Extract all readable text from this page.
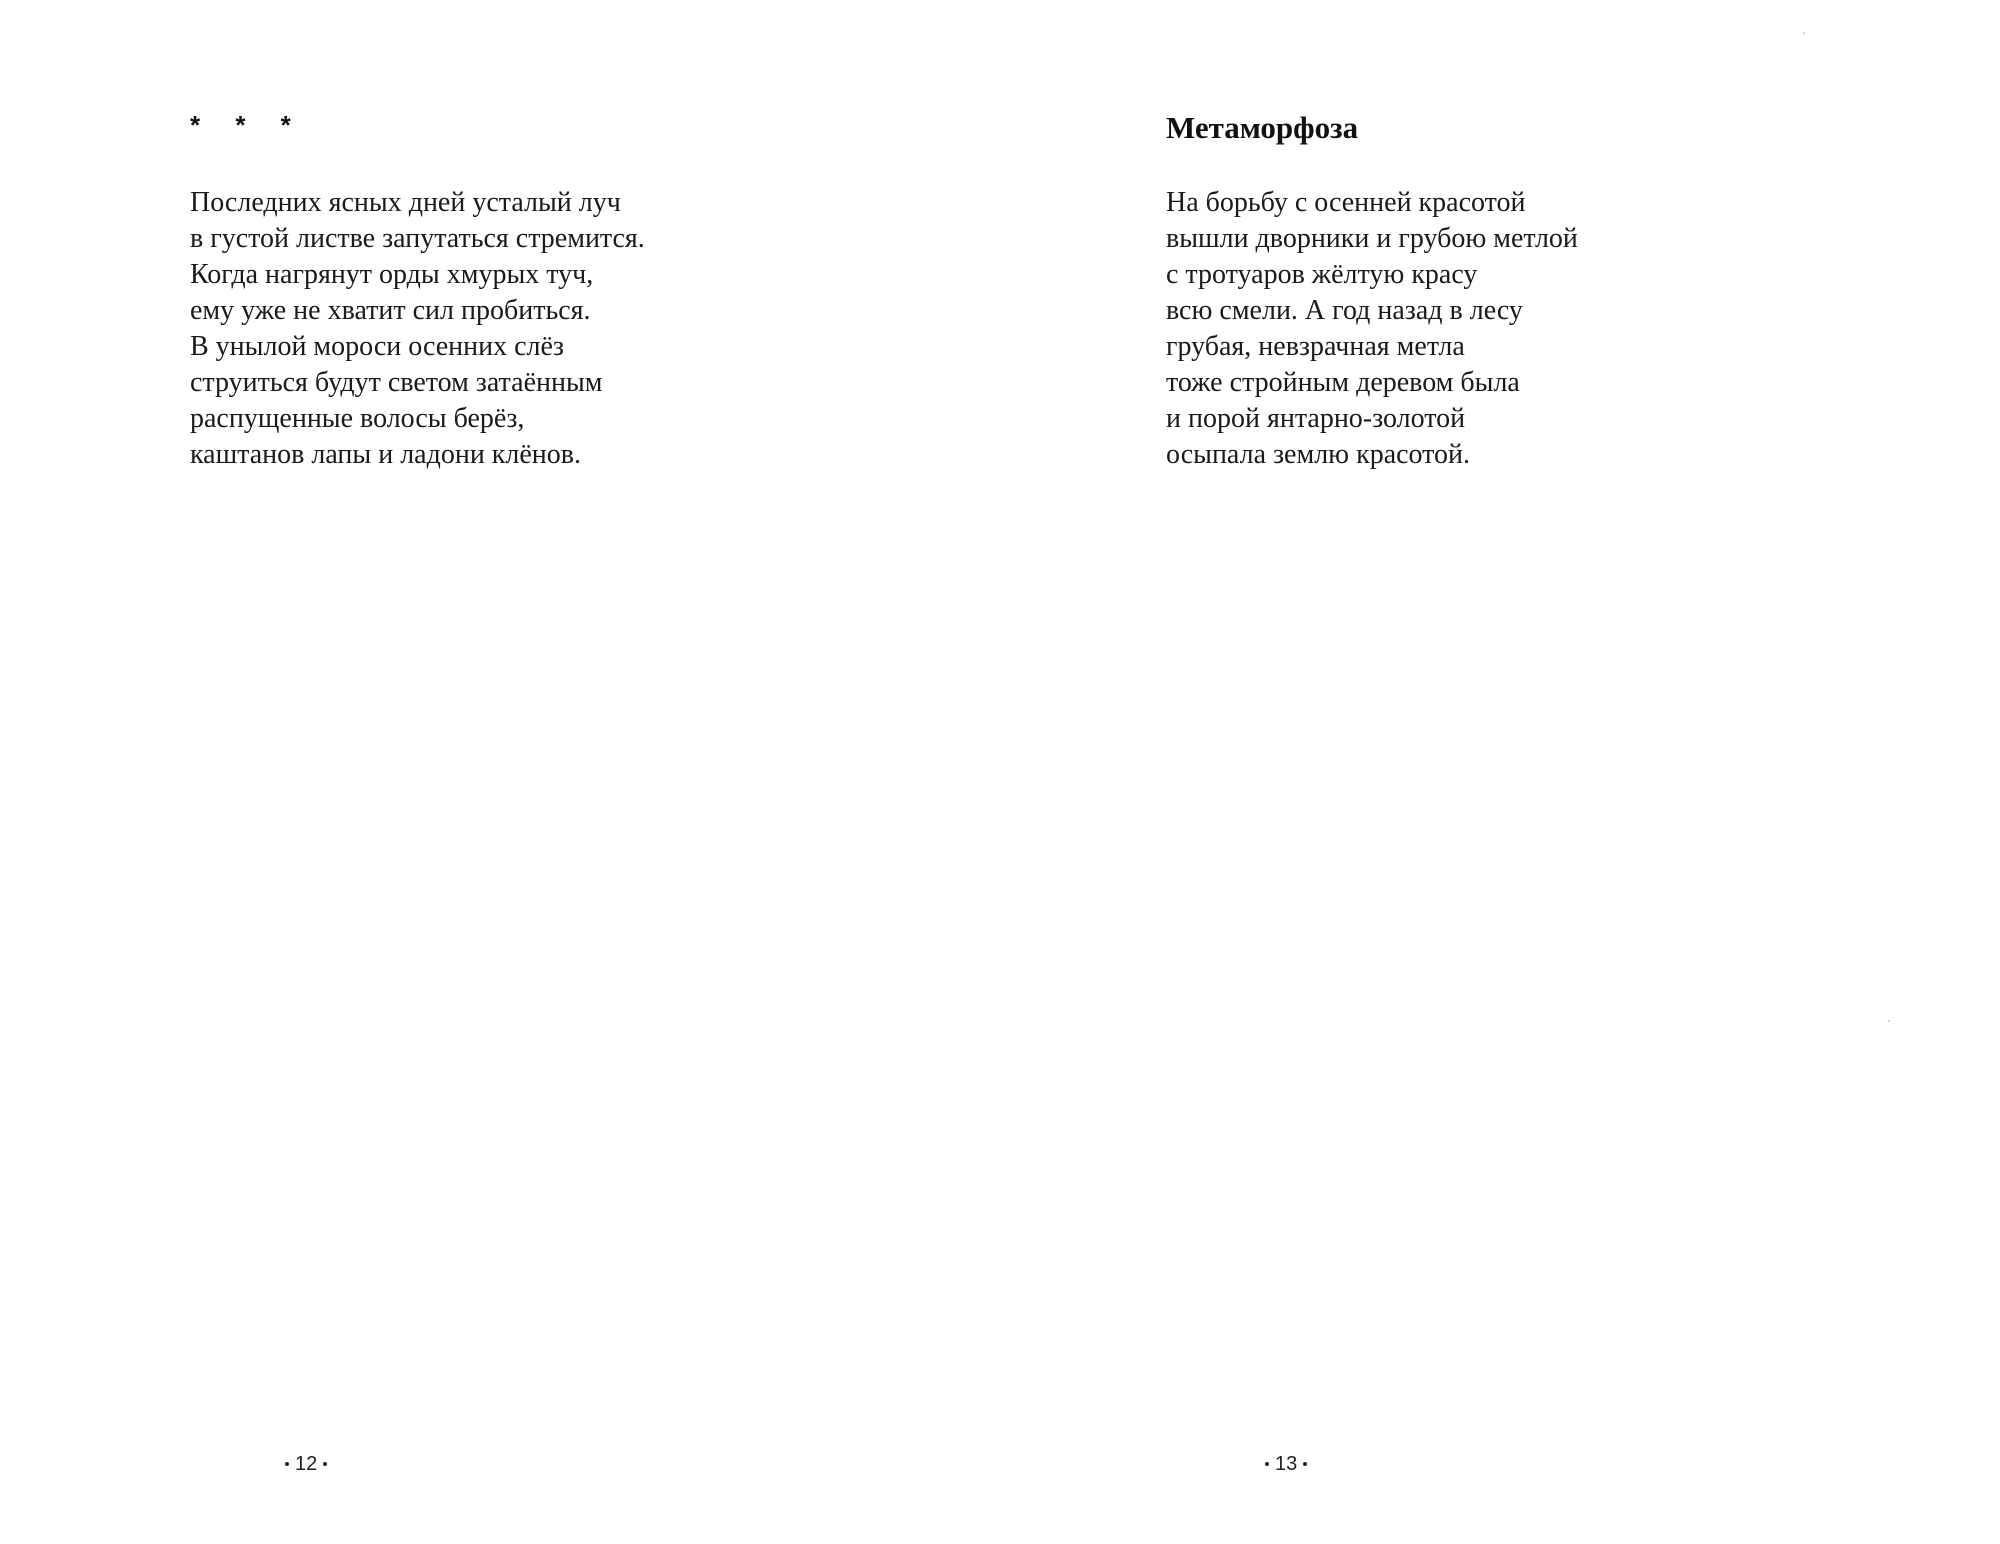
* * *
Последних ясных дней усталый луч
в густой листве запутаться стремится.
Когда нагрянут орды хмурых туч,
ему уже не хватит сил пробиться.
В унылой мороси осенних слёз
струиться будут светом затаённым
распущенные волосы берёз,
каштанов лапы и ладони клёнов.
12
Метаморфоза
На борьбу с осенней красотой
вышли дворники и грубою метлой
с тротуаров жёлтую красу
всю смели. А год назад в лесу
грубая, невзрачная метла
тоже стройным деревом была
и порой янтарно-золотой
осыпала землю красотой.
13
